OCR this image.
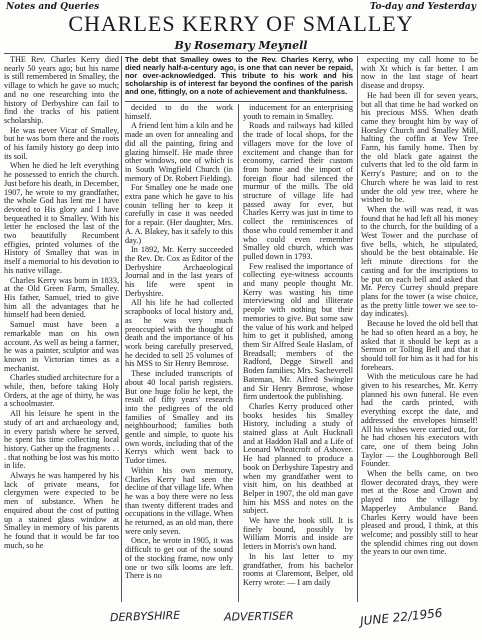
Notes and Queries	To-day and Yesterday
CHARLES KERRY OF SMALLEY
By Rosemary Meynell
The debt that Smalley owes to the Rev. Charles Kerry, who died nearly half-a-century ago, is one that can never be repaid, nor over-acknowledged. This tribute to his work and his scholarship is of interest far beyond the confines of the parish and one, fittingly, on a note of achievement and thankfulness.

THE Rev. Charles Kerry died nearly 50 years ago; but his name is still remembered in Smalley, the village to which he gave so much; and no one researching into the history of Derbyshire can fail to find the tracks of his patient scholarship.

He was never Vicar of Smalley, but he was born there and the roots of his family history go deep into its soil.

When he died he left everything he possessed to enrich the church. Just before his death, in December, 1907, he wrote to my grandfather, the whole God has lent me I have devoted to His glory and I have bequeathed it to Smalley. With his letter he enclosed the last of the two beautifully Recumbent effigies, printed volumes of the History of Smalley that was in itself a memorial to his devotion to his native village.

Charles Kerry was born in 1833, at the Old Green Farm, Smalley. His father, Samuel, tried to give him all the advantages that he himself had been denied.

Samuel must have been a remarkable man on his own account. As well as being a farmer, he was a painter, sculptor and was known in Victorian times as a mechanist.

Charles studied architecture for a while, then, before taking Holy Orders, at the age of thirty, he was a schoolmaster.

All his leisure he spent in the study of art and archaeology and, in every parish where he served, he spent his time collecting local history. Gather up the fragments . . . that nothing be lost was his motto in life.

Always he was hampered by his lack of private means, for clergymen were expected to be men of substance. When he enquired about the cost of putting up a stained glass window at Smalley in memory of his parents he found that it would be far too much, so he

decided to do the work himself.

A friend lent him a kiln and he made an oven for annealing and did all the painting, firing and glazing himself. He made three other windows, one of which is in South Wingfield Church (in memory of Dr. Robert Fielding).

For Smalley one he made one extra pane which he gave to his cousin telling her to keep it carefully in case it was needed for a repair. (Her daughter, Mrs. A. A. Blakey, has it safely to this day.)

In 1892, Mr. Kerry succeeded the Rev. Dr. Cox as Editor of the Derbyshire Archaeological Journal and in the last years of his life were spent in Derbyshire.

All his life he had collected scrapbooks of local history and, as he was very much preoccupied with the thought of death and the importance of his work being carefully preserved, he decided to sell 25 volumes of his MSS to Sir Henry Bemrose.

These included transcripts of about 40 local parish registers. But one huge folio he kept, the result of fifty years' research into the pedigrees of the old families of Smalley and its neighbourhood; families both gentle and simple, to quote his own words, including that of the Kerrys which went back to Tudor times.

Within his own memory, Charles Kerry had seen the decline of that village life. When he was a boy there were no less than twenty different trades and occupations in the village. When he returned, as an old man, there were only seven.

Once, he wrote in 1905, it was difficult to get out of the sound of the stocking frame, now only one or two silk looms are left. There is no

inducement for an enterprising youth to remain in Smalley.

Roads and railways had killed the trade of local shops, for the villagers move for the love of excitement and change than for economy, carried their custom from home and the import of foreign flour had silenced the murmur of the mills. The old structure of village life had passed away for ever, but Charles Kerry was just in time to collect the reminiscences of those who could remember it and who could even remember Smalley old church, which was pulled down in 1793.

Few realised the importance of collecting eye-witness accounts and many people thought Mr. Kerry was wasting his time interviewing old and illiterate people with nothing but their memories to give. But some saw the value of his work and helped him to get it published, among them Sir Alfred Seale Haslam, of Breadsall; members of the Radford, Degge Sitwell and Boden families; Mrs. Sacheverell Bateman, Mr. Alfred Swingler and Sir Henry Bemrose, whose firm undertook the publishing.

Charles Kerry produced other books besides his Smalley History, including a study of stained glass at Ault Hucknall and at Haddon Hall and a Life of Leonard Wheatcroft of Ashover. He had planned to produce a book on Derbyshire Tapestry and when my grandfather went to visit him, on his deathbed at Belper in 1907, the old man gave him his MSS and notes on the subject.

We have the book still. It is finely bound, possibly by William Morris and inside are letters in Morris's own hand.

In his last letter to my grandfather, from his bachelor rooms at Claremont, Belper, old Kerry wrote: — I am daily

expecting my call home to be with Xt which is far better. I am now in the last stage of heart disease and dropsy.

He had been ill for seven years, but all that time he had worked on his precious MSS. When death came they brought him by way of Horsley Church and Smalley Mill, halting the coffin at Yew Tree Farm, his family home. Then by the old black gate against the culverts that led to the old farm in Kerry's Pasture; and on to the Church where he was laid to rest under the old yew tree, where he wished to be.

When the will was read, it was found that he had left all his money to the church, for the building of a West Tower and the purchase of five bells, which, he stipulated, should be the best obtainable. He left minute directions for the casting and for the inscriptions to be put on each bell and asked that Mr. Percy Currey should prepare plans for the tower (a wise choice, as the pretty little tower we see to-day indicates).

Because he loved the old bell that he had so often heard as a boy, he asked that it should be kept as a Sermon or Tolling Bell and that it should toll for him as it had for his forebears.

With the meticulous care he had given to his researches, Mr. Kerry planned his own funeral. He even had the cards printed, with everything except the date, and addressed the envelopes himself! All his wishes were carried out, for he had chosen his executors with care, one of them being John Taylor — the Loughborough Bell Founder.

When the bells came, on two flower decorated drays, they were met at the Rose and Crown and played into the village by Mapperley Ambulance Band. Charles Kerry would have been pleased and proud, I think, at this welcome; and possibly still to hear the splendid chimes ring out down the years to our own time.

DERBYSHIRE	ADVERTISER	JUNE 22/1956
